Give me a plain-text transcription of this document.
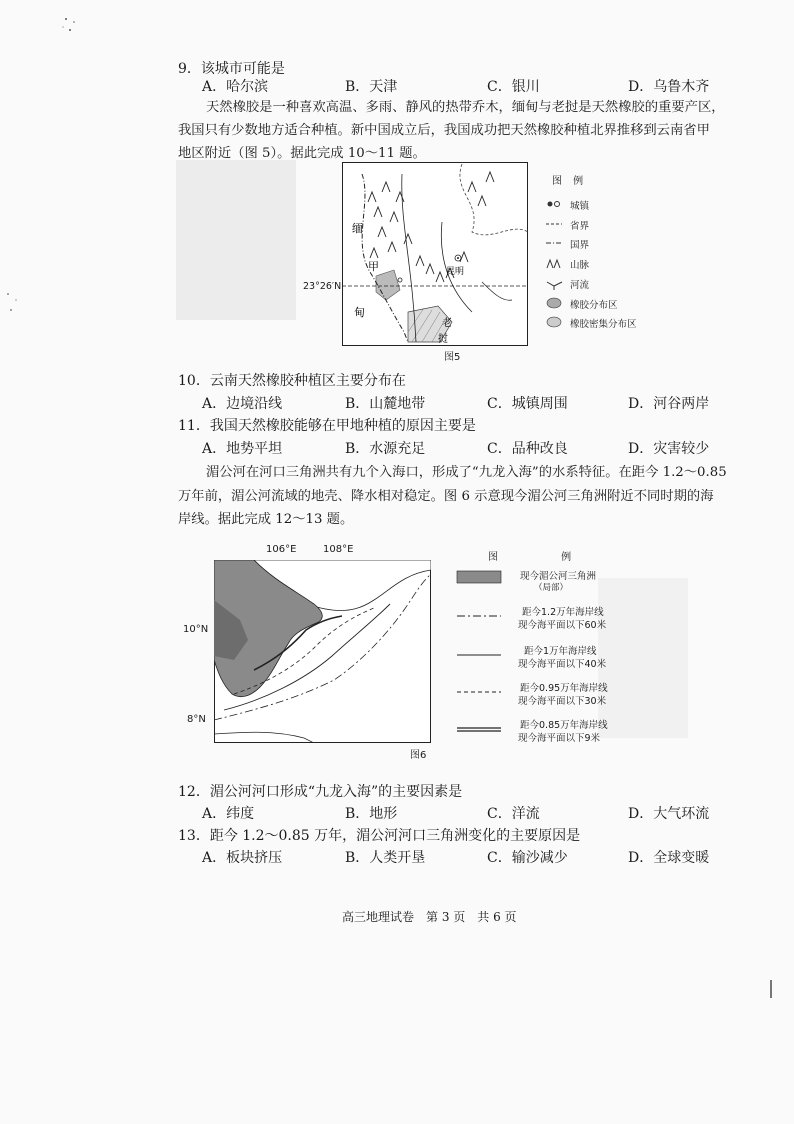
9．该城市可能是
A．哈尔滨	B．天津	C．银川	D．乌鲁木齐
天然橡胶是一种喜欢高温、多雨、静风的热带乔木，缅甸与老挝是天然橡胶的重要产区，
我国只有少数地方适合种植。新中国成立后，我国成功把天然橡胶种植北界推移到云南省甲
地区附近（图 5）。据此完成 10～11 题。
缅
甸
甲	昆明
老
挝
23°26′N
图5
图 例
城镇
省界
国界
山脉
河流
橡胶分布区
橡胶密集分布区
10．云南天然橡胶种植区主要分布在
A．边境沿线	B．山麓地带	C．城镇周围	D．河谷两岸
11．我国天然橡胶能够在甲地种植的原因主要是
A．地势平坦	B．水源充足	C．品种改良	D．灾害较少
湄公河在河口三角洲共有九个入海口，形成了“九龙入海”的水系特征。在距今 1.2～0.85
万年前，湄公河流域的地壳、降水相对稳定。图 6 示意现今湄公河三角洲附近不同时期的海
岸线。据此完成 12～13 题。
106°E	108°E
10°N
8°N
图6
图 例
现今湄公河三角洲
（局部）
距今1.2万年海岸线
现今海平面以下60米
距今1万年海岸线
现今海平面以下40米
距今0.95万年海岸线
现今海平面以下30米
距今0.85万年海岸线
现今海平面以下9米
12．湄公河河口形成“九龙入海”的主要因素是
A．纬度	B．地形	C．洋流	D．大气环流
13．距今 1.2～0.85 万年，湄公河河口三角洲变化的主要原因是
A．板块挤压	B．人类开垦	C．输沙减少	D．全球变暖
高三地理试卷　第 3 页　共 6 页
